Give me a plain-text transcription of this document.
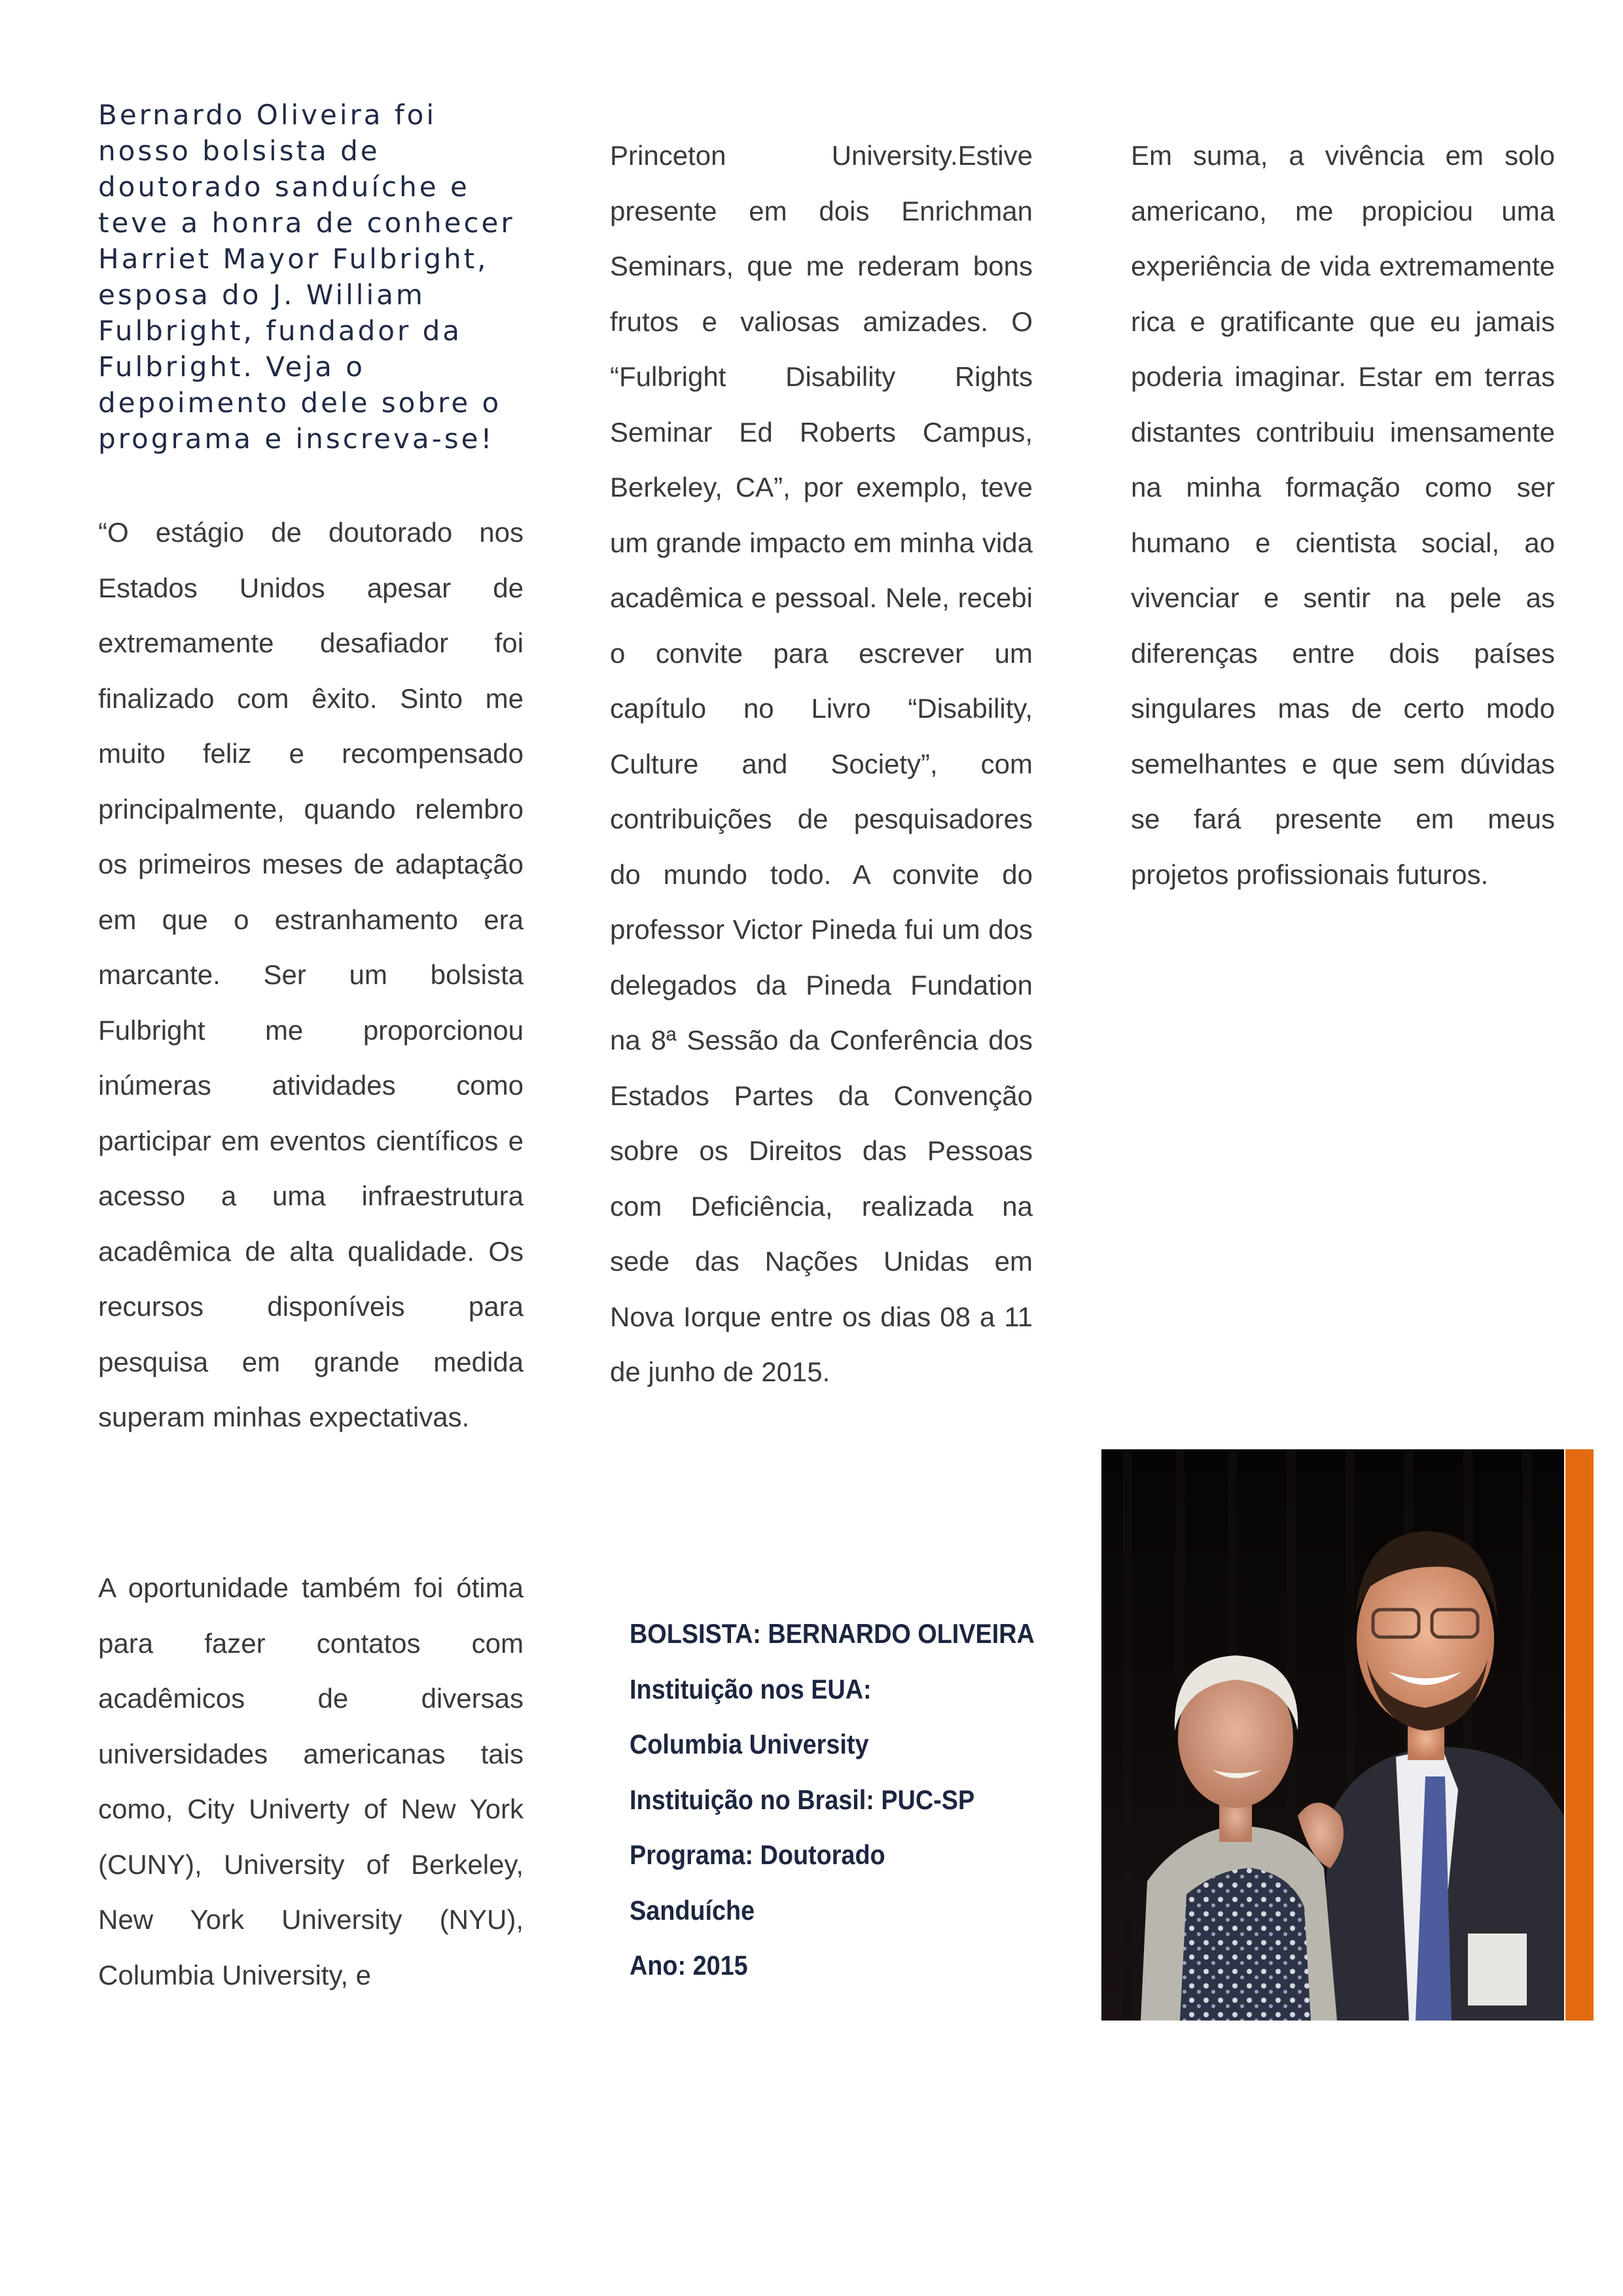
Bernardo Oliveira foi
nosso bolsista de
doutorado sanduíche e
teve a honra de conhecer
Harriet Mayor Fulbright,
esposa do J. William
Fulbright, fundador da
Fulbright. Veja o
depoimento dele sobre o
programa e inscreva-se!

“O estágio de doutorado nos Estados Unidos apesar de extremamente desafiador foi finalizado com êxito. Sinto me muito feliz e recompensado principalmente, quando relembro os primeiros meses de adaptação em que o estranhamento era marcante. Ser um bolsista Fulbright me proporcionou inúmeras atividades como participar em eventos científicos e acesso a uma infraestrutura acadêmica de alta qualidade. Os recursos disponíveis para pesquisa em grande medida superam minhas expectativas.

A oportunidade também foi ótima para fazer contatos com acadêmicos de diversas universidades americanas tais como, City Univerty of New York (CUNY), University of Berkeley, New York University (NYU), Columbia University, e

Princeton University.Estive presente em dois Enrichman Seminars, que me rederam bons frutos e valiosas amizades. O “Fulbright Disability Rights Seminar Ed Roberts Campus, Berkeley, CA”, por exemplo, teve um grande impacto em minha vida acadêmica e pessoal. Nele, recebi o convite para escrever um capítulo no Livro “Disability, Culture and Society”, com contribuições de pesquisadores do mundo todo. A convite do professor Victor Pineda fui um dos delegados da Pineda Fundation na 8ª Sessão da Conferência dos Estados Partes da Convenção sobre os Direitos das Pessoas com Deficiência, realizada na sede das Nações Unidas em Nova Iorque entre os dias 08 a 11 de junho de 2015.

BOLSISTA: BERNARDO OLIVEIRA
Instituição nos EUA:
Columbia University
Instituição no Brasil: PUC-SP
Programa: Doutorado
Sanduíche
Ano: 2015

Em suma, a vivência em solo americano, me propiciou uma experiência de vida extremamente rica e gratificante que eu jamais poderia imaginar. Estar em terras distantes contribuiu imensamente na minha formação como ser humano e cientista social, ao vivenciar e sentir na pele as diferenças entre dois países singulares mas de certo modo semelhantes e que sem dúvidas se fará presente em meus projetos profissionais futuros.
